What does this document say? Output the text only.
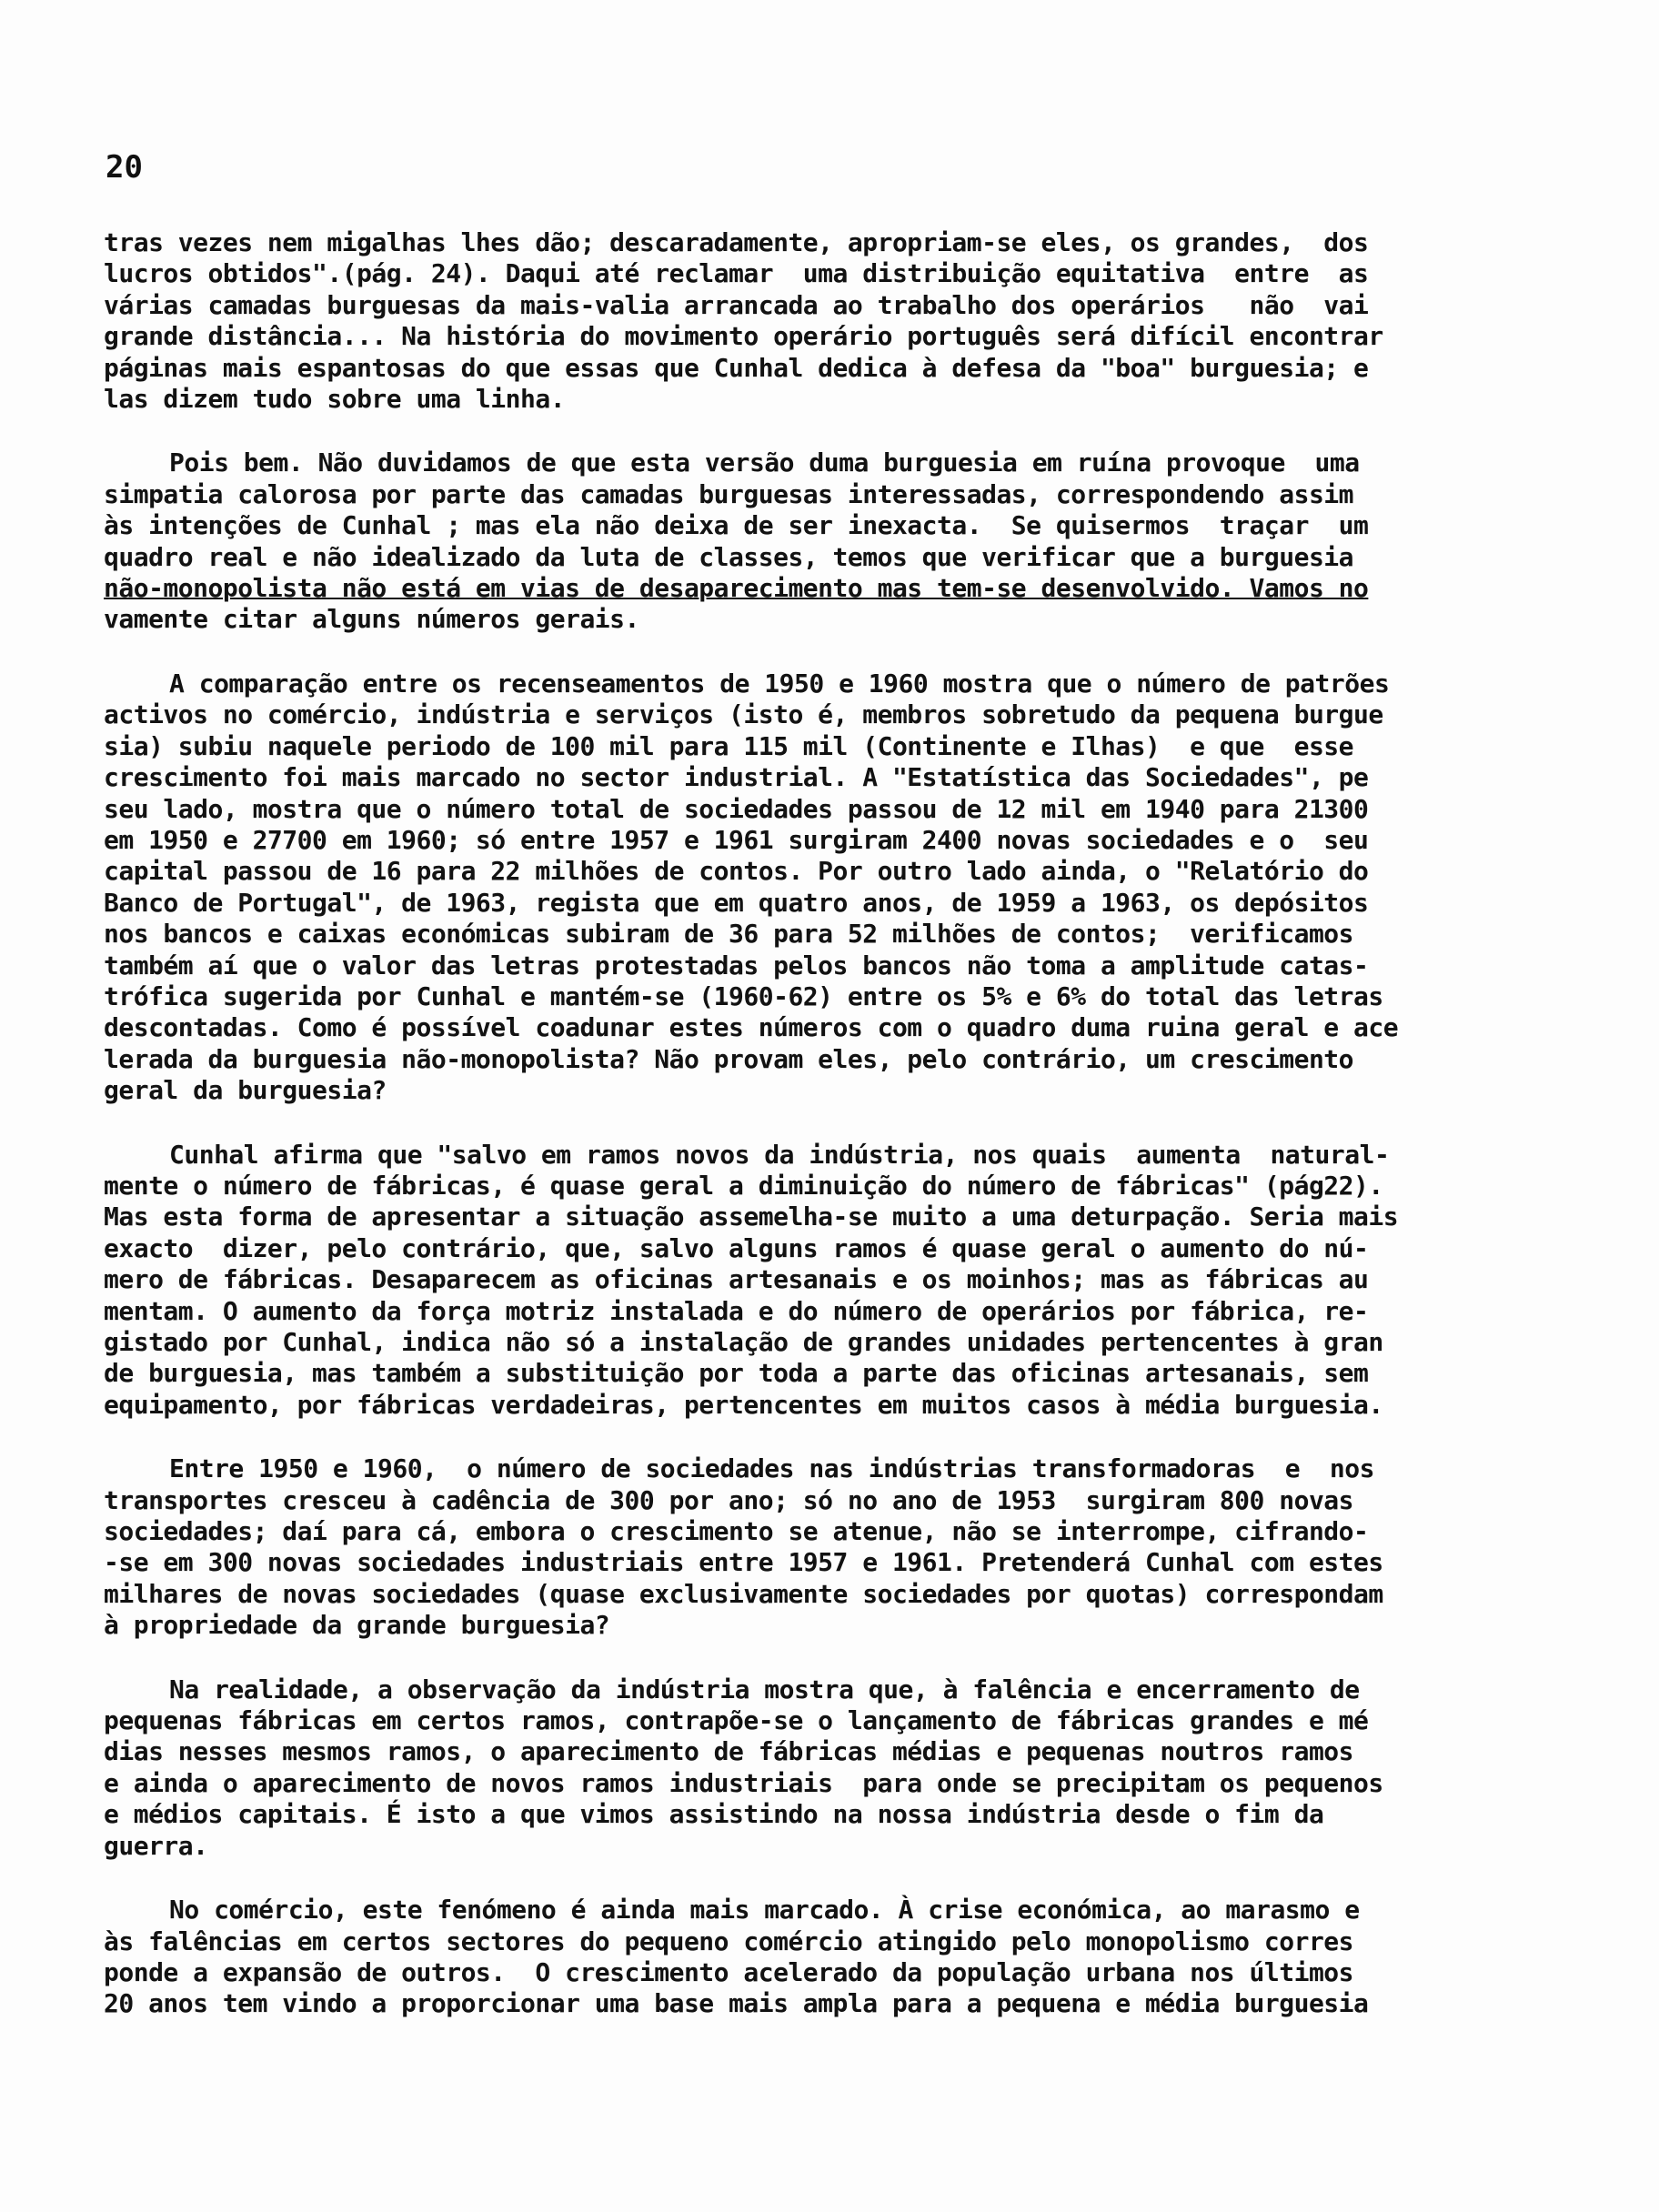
20
tras vezes nem migalhas lhes dão; descaradamente, apropriam-se eles, os grandes,  dos
lucros obtidos".(pág. 24). Daqui até reclamar  uma distribuição equitativa  entre  as
várias camadas burguesas da mais-valia arrancada ao trabalho dos operários   não  vai
grande distância... Na história do movimento operário português será difícil encontrar
páginas mais espantosas do que essas que Cunhal dedica à defesa da "boa" burguesia; e
las dizem tudo sobre uma linha.
Pois bem. Não duvidamos de que esta versão duma burguesia em ruína provoque  uma
simpatia calorosa por parte das camadas burguesas interessadas, correspondendo assim
às intenções de Cunhal ; mas ela não deixa de ser inexacta.  Se quisermos  traçar  um
quadro real e não idealizado da luta de classes, temos que verificar que a burguesia
não-monopolista não está em vias de desaparecimento mas tem-se desenvolvido. Vamos no
vamente citar alguns números gerais.
A comparação entre os recenseamentos de 1950 e 1960 mostra que o número de patrões
activos no comércio, indústria e serviços (isto é, membros sobretudo da pequena burgue
sia) subiu naquele periodo de 100 mil para 115 mil (Continente e Ilhas)  e que  esse
crescimento foi mais marcado no sector industrial. A "Estatística das Sociedades", pe
seu lado, mostra que o número total de sociedades passou de 12 mil em 1940 para 21300
em 1950 e 27700 em 1960; só entre 1957 e 1961 surgiram 2400 novas sociedades e o  seu
capital passou de 16 para 22 milhões de contos. Por outro lado ainda, o "Relatório do
Banco de Portugal", de 1963, regista que em quatro anos, de 1959 a 1963, os depósitos
nos bancos e caixas económicas subiram de 36 para 52 milhões de contos;  verificamos
também aí que o valor das letras protestadas pelos bancos não toma a amplitude catas-
trófica sugerida por Cunhal e mantém-se (1960-62) entre os 5% e 6% do total das letras
descontadas. Como é possível coadunar estes números com o quadro duma ruina geral e ace
lerada da burguesia não-monopolista? Não provam eles, pelo contrário, um crescimento
geral da burguesia?
Cunhal afirma que "salvo em ramos novos da indústria, nos quais  aumenta  natural-
mente o número de fábricas, é quase geral a diminuição do número de fábricas" (pág22).
Mas esta forma de apresentar a situação assemelha-se muito a uma deturpação. Seria mais
exacto  dizer, pelo contrário, que, salvo alguns ramos é quase geral o aumento do nú-
mero de fábricas. Desaparecem as oficinas artesanais e os moinhos; mas as fábricas au
mentam. O aumento da força motriz instalada e do número de operários por fábrica, re-
gistado por Cunhal, indica não só a instalação de grandes unidades pertencentes à gran
de burguesia, mas também a substituição por toda a parte das oficinas artesanais, sem
equipamento, por fábricas verdadeiras, pertencentes em muitos casos à média burguesia.
Entre 1950 e 1960,  o número de sociedades nas indústrias transformadoras  e  nos
transportes cresceu à cadência de 300 por ano; só no ano de 1953  surgiram 800 novas
sociedades; daí para cá, embora o crescimento se atenue, não se interrompe, cifrando-
-se em 300 novas sociedades industriais entre 1957 e 1961. Pretenderá Cunhal com estes
milhares de novas sociedades (quase exclusivamente sociedades por quotas) correspondam
à propriedade da grande burguesia?
Na realidade, a observação da indústria mostra que, à falência e encerramento de
pequenas fábricas em certos ramos, contrapõe-se o lançamento de fábricas grandes e mé
dias nesses mesmos ramos, o aparecimento de fábricas médias e pequenas noutros ramos
e ainda o aparecimento de novos ramos industriais  para onde se precipitam os pequenos
e médios capitais. É isto a que vimos assistindo na nossa indústria desde o fim da
guerra.
No comércio, este fenómeno é ainda mais marcado. À crise económica, ao marasmo e
às falências em certos sectores do pequeno comércio atingido pelo monopolismo corres
ponde a expansão de outros.  O crescimento acelerado da população urbana nos últimos
20 anos tem vindo a proporcionar uma base mais ampla para a pequena e média burguesia
